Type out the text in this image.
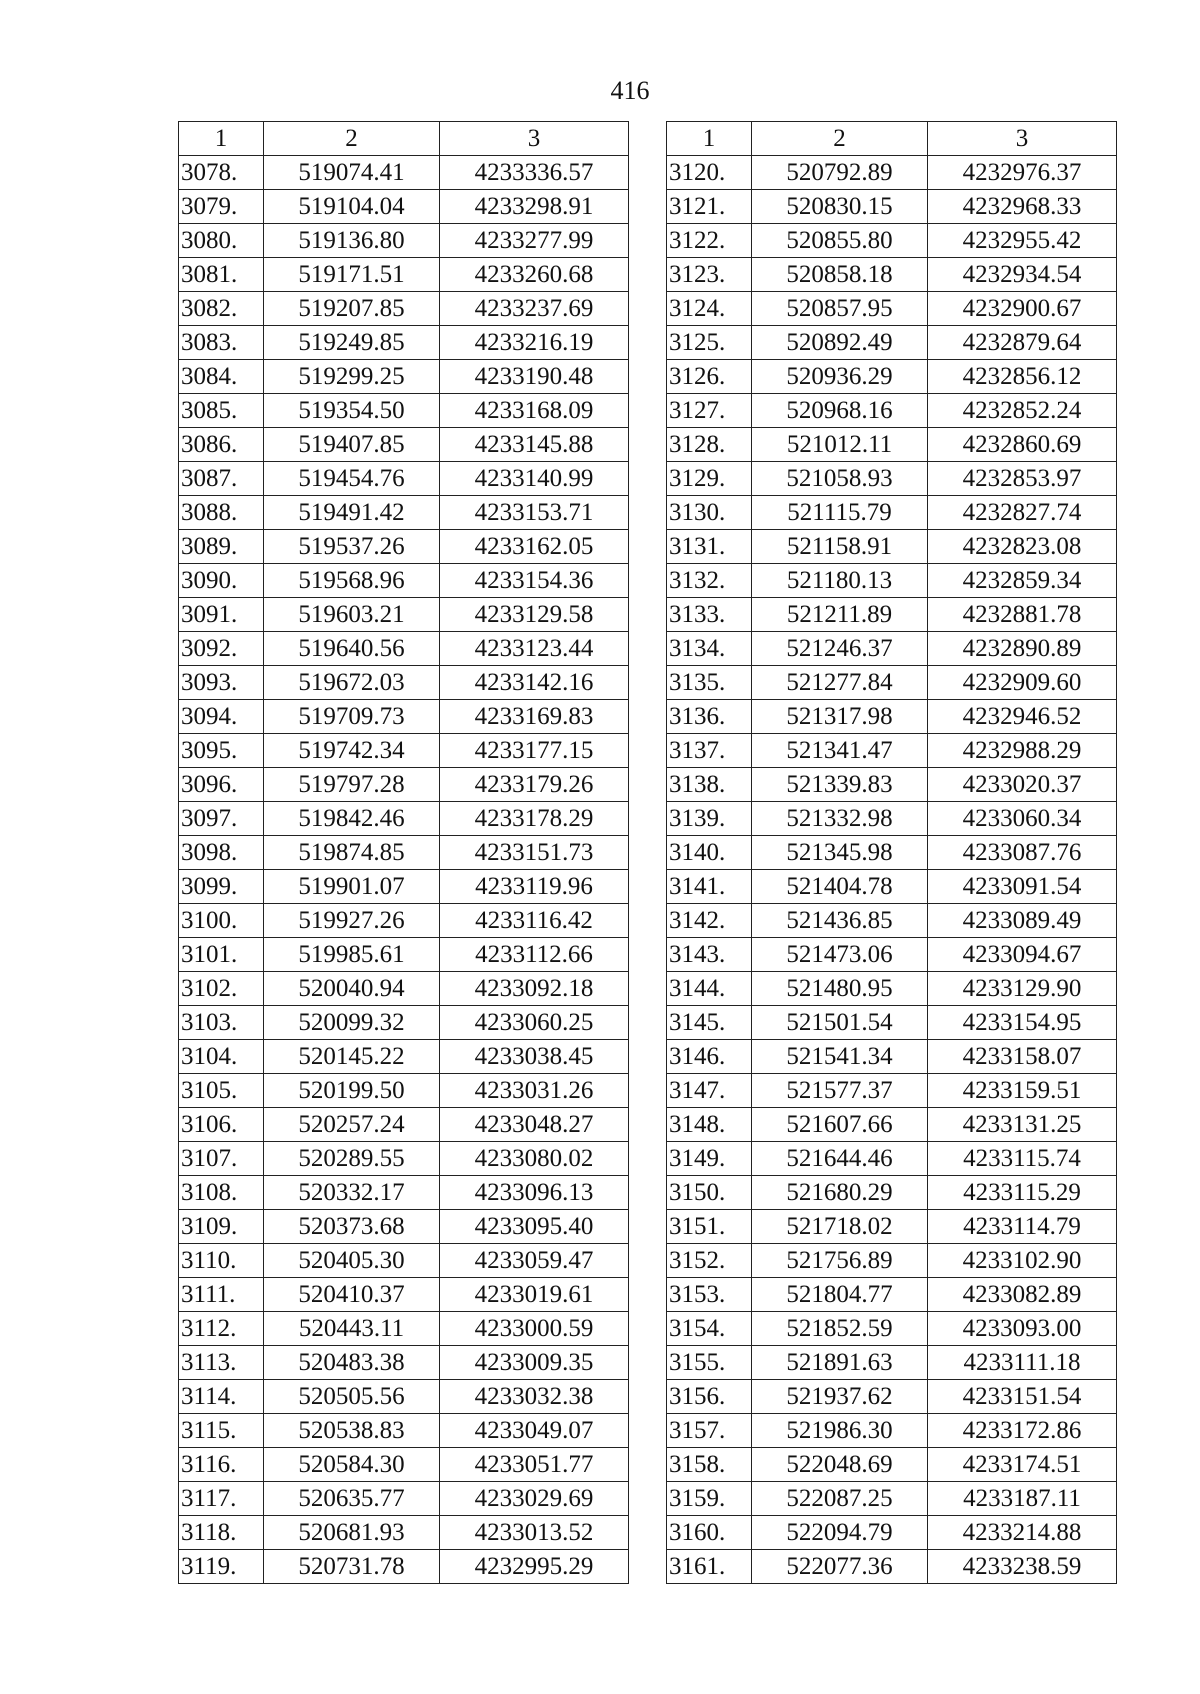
416
1	2	3
3078.	519074.41	4233336.57
3079.	519104.04	4233298.91
3080.	519136.80	4233277.99
3081.	519171.51	4233260.68
3082.	519207.85	4233237.69
3083.	519249.85	4233216.19
3084.	519299.25	4233190.48
3085.	519354.50	4233168.09
3086.	519407.85	4233145.88
3087.	519454.76	4233140.99
3088.	519491.42	4233153.71
3089.	519537.26	4233162.05
3090.	519568.96	4233154.36
3091.	519603.21	4233129.58
3092.	519640.56	4233123.44
3093.	519672.03	4233142.16
3094.	519709.73	4233169.83
3095.	519742.34	4233177.15
3096.	519797.28	4233179.26
3097.	519842.46	4233178.29
3098.	519874.85	4233151.73
3099.	519901.07	4233119.96
3100.	519927.26	4233116.42
3101.	519985.61	4233112.66
3102.	520040.94	4233092.18
3103.	520099.32	4233060.25
3104.	520145.22	4233038.45
3105.	520199.50	4233031.26
3106.	520257.24	4233048.27
3107.	520289.55	4233080.02
3108.	520332.17	4233096.13
3109.	520373.68	4233095.40
3110.	520405.30	4233059.47
3111.	520410.37	4233019.61
3112.	520443.11	4233000.59
3113.	520483.38	4233009.35
3114.	520505.56	4233032.38
3115.	520538.83	4233049.07
3116.	520584.30	4233051.77
3117.	520635.77	4233029.69
3118.	520681.93	4233013.52
3119.	520731.78	4232995.29
1	2	3
3120.	520792.89	4232976.37
3121.	520830.15	4232968.33
3122.	520855.80	4232955.42
3123.	520858.18	4232934.54
3124.	520857.95	4232900.67
3125.	520892.49	4232879.64
3126.	520936.29	4232856.12
3127.	520968.16	4232852.24
3128.	521012.11	4232860.69
3129.	521058.93	4232853.97
3130.	521115.79	4232827.74
3131.	521158.91	4232823.08
3132.	521180.13	4232859.34
3133.	521211.89	4232881.78
3134.	521246.37	4232890.89
3135.	521277.84	4232909.60
3136.	521317.98	4232946.52
3137.	521341.47	4232988.29
3138.	521339.83	4233020.37
3139.	521332.98	4233060.34
3140.	521345.98	4233087.76
3141.	521404.78	4233091.54
3142.	521436.85	4233089.49
3143.	521473.06	4233094.67
3144.	521480.95	4233129.90
3145.	521501.54	4233154.95
3146.	521541.34	4233158.07
3147.	521577.37	4233159.51
3148.	521607.66	4233131.25
3149.	521644.46	4233115.74
3150.	521680.29	4233115.29
3151.	521718.02	4233114.79
3152.	521756.89	4233102.90
3153.	521804.77	4233082.89
3154.	521852.59	4233093.00
3155.	521891.63	4233111.18
3156.	521937.62	4233151.54
3157.	521986.30	4233172.86
3158.	522048.69	4233174.51
3159.	522087.25	4233187.11
3160.	522094.79	4233214.88
3161.	522077.36	4233238.59
